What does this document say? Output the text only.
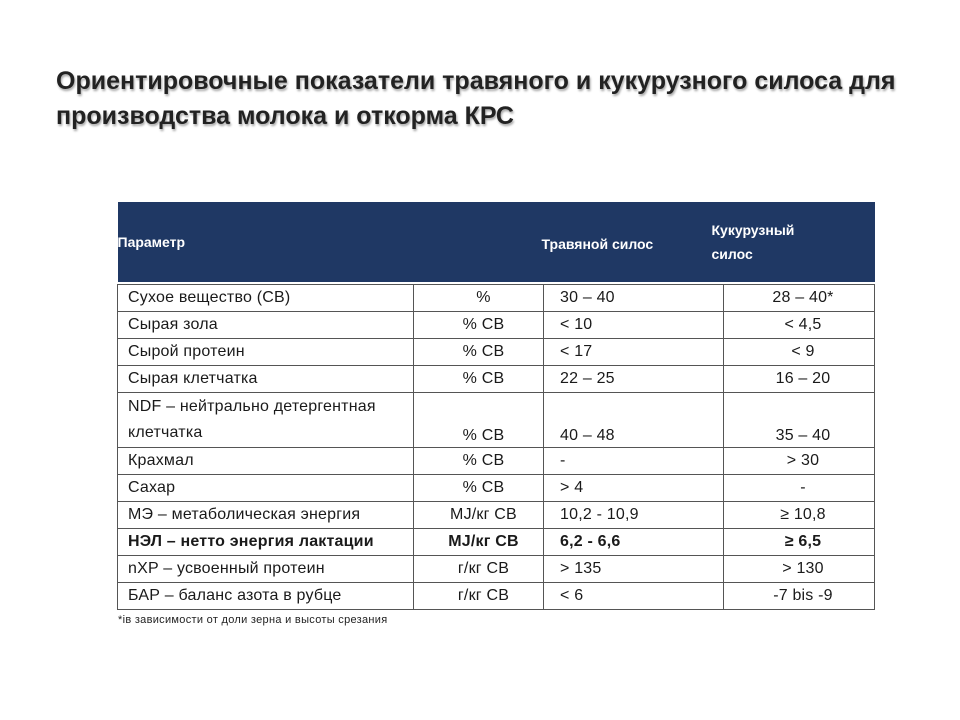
Ориентировочные показатели травяного и кукурузного силоса для производства молока и откорма КРС
Параметр		Травяной силос	Кукурузный
силос

Сухое вещество (СВ)	%	30 – 40	28 – 40*
Сырая зола	% СВ	< 10	< 4,5
Сырой протеин	% СВ	< 17	< 9
Сырая клетчатка	% СВ	22 – 25	16 – 20
NDF – нейтрально детергентная клетчатка	% СВ	40 – 48	35 – 40
Крахмал	% СВ	-	> 30
Сахар	% СВ	> 4	-
МЭ – метаболическая энергия	MJ/кг СВ	10,2 - 10,9	≥ 10,8
НЭЛ – нетто энергия лактации	MJ/кг СВ	6,2 - 6,6	≥ 6,5
nXP – усвоенный протеин	г/кг СВ	> 135	> 130
БАР – баланс азота в рубце	г/кг СВ	< 6	-7 bis -9
*iв зависимости от доли зерна и высоты срезания
